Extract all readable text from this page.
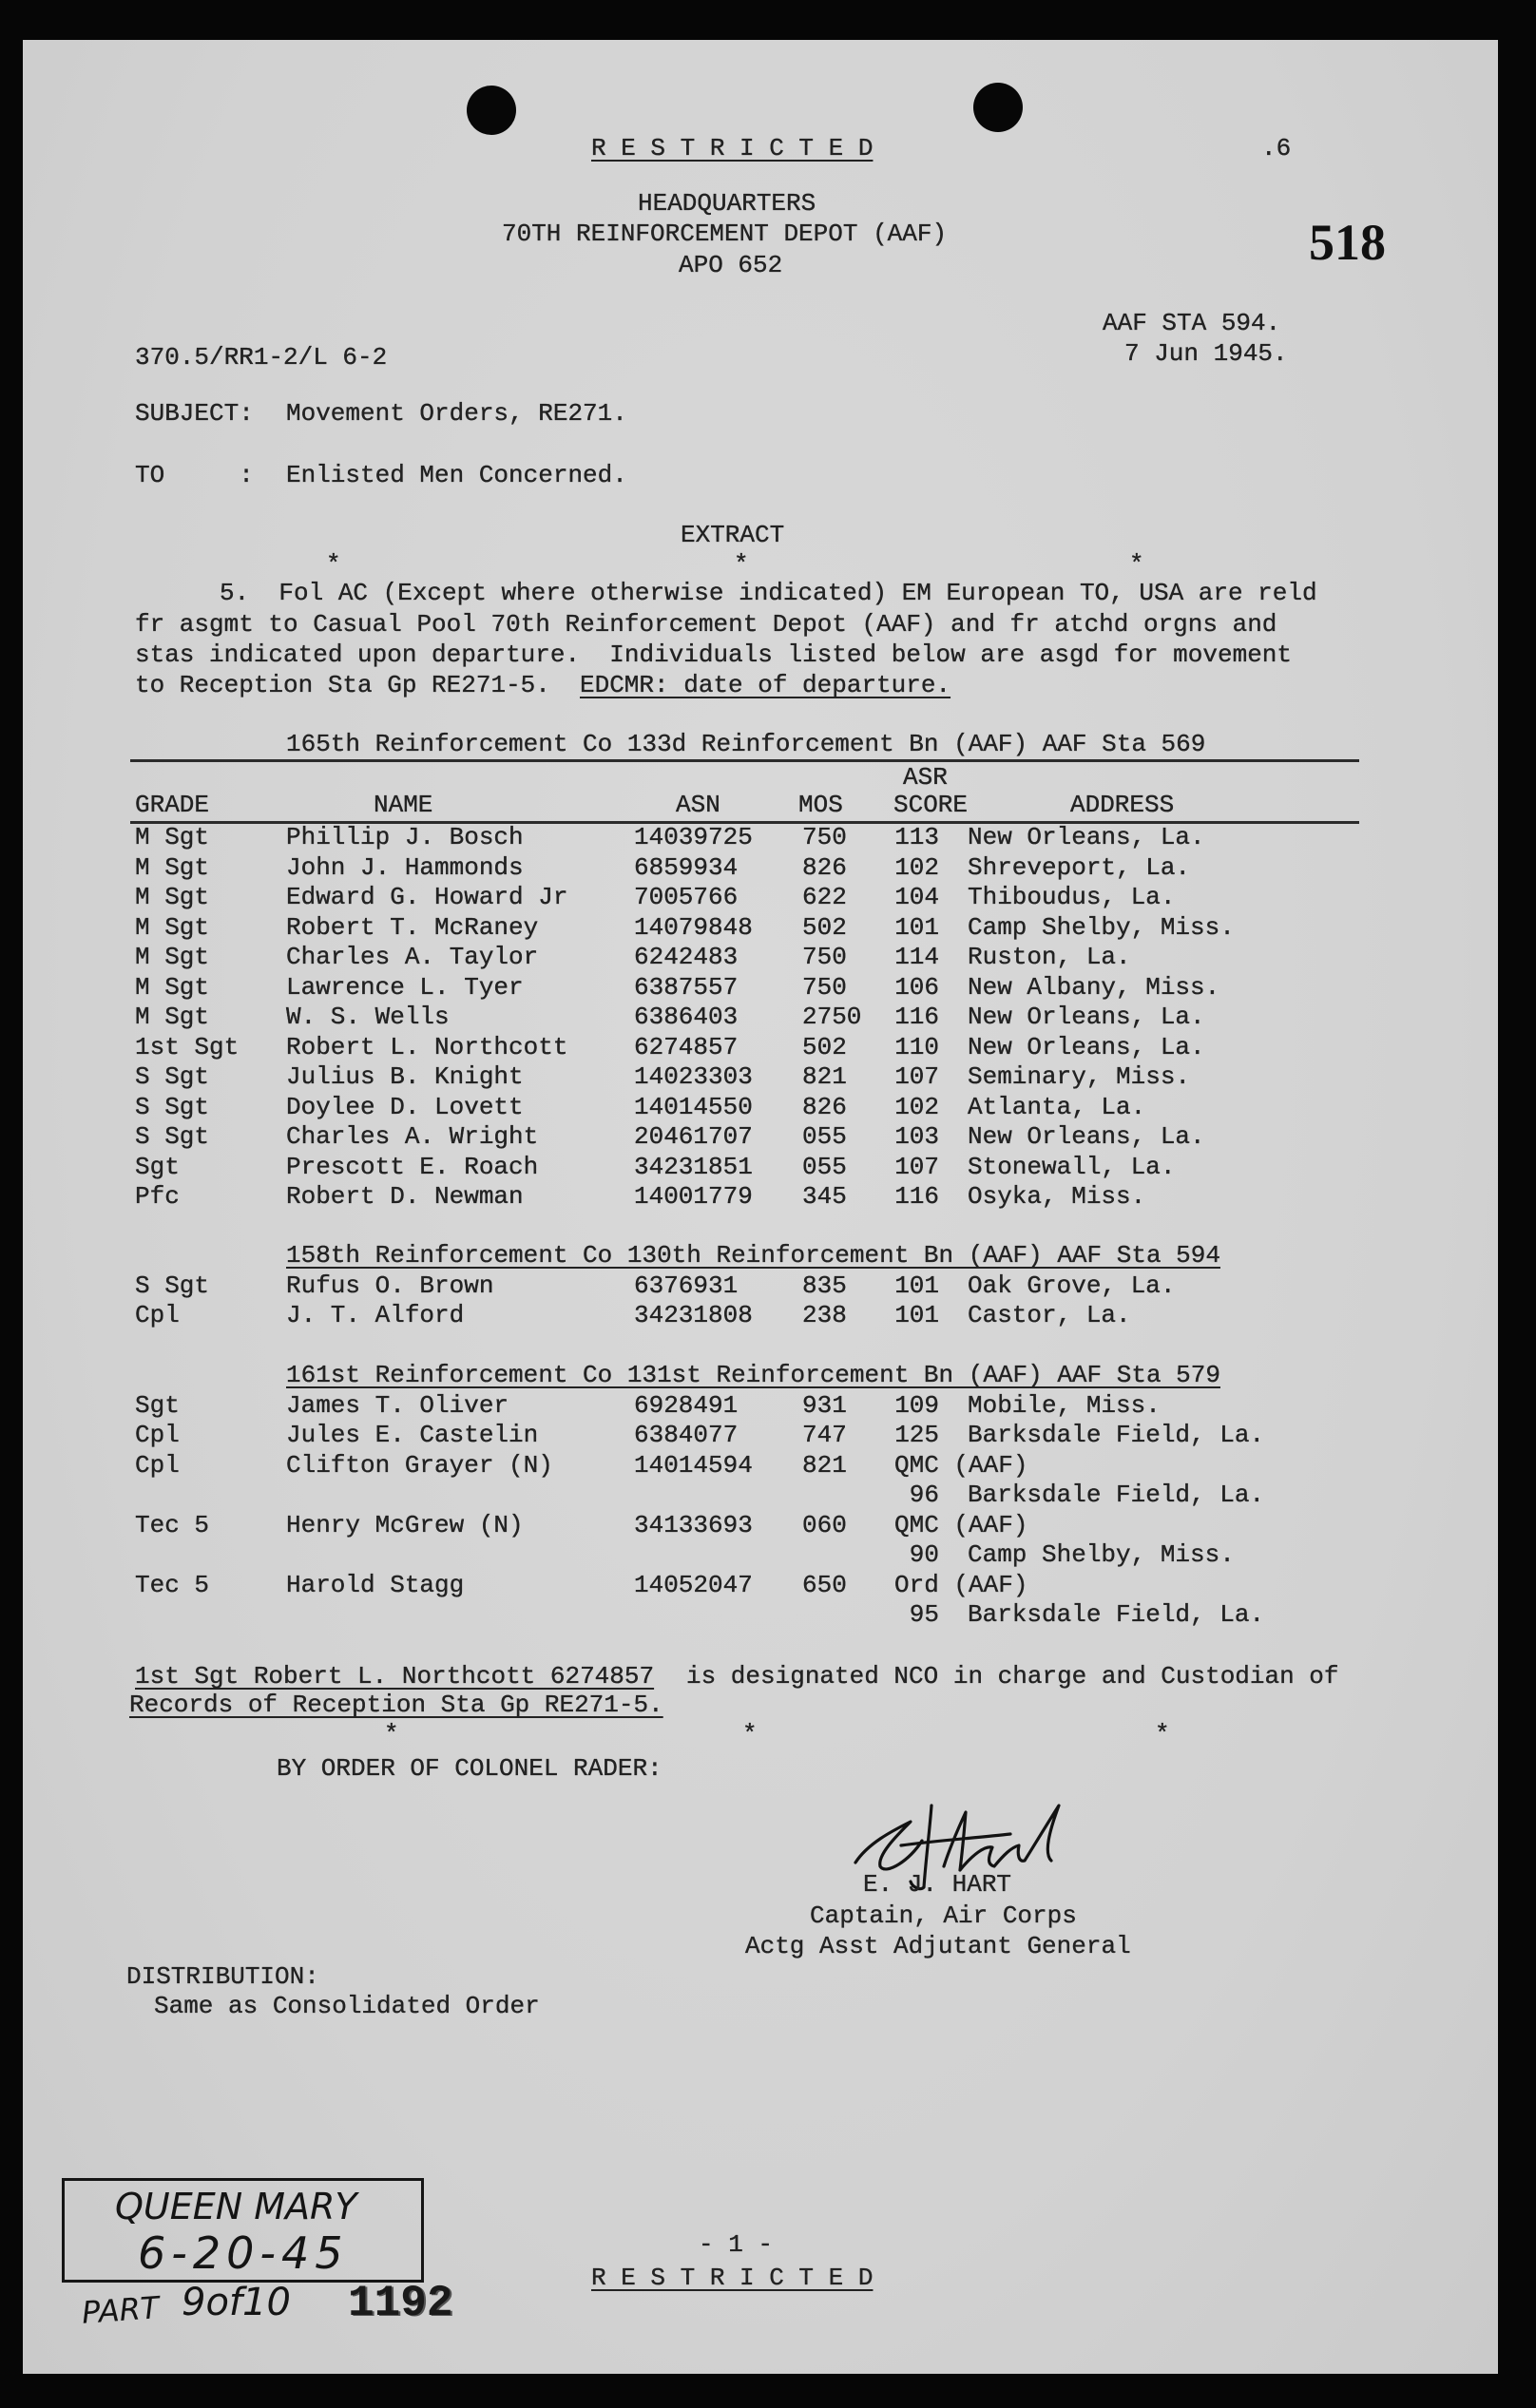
R E S T R I C T E D	.6
518
HEADQUARTERS
70TH REINFORCEMENT DEPOT (AAF)
APO 652
AAF STA 594.
7 Jun 1945.
370.5/RR1-2/L 6-2
SUBJECT: Movement Orders, RE271.
TO     : Enlisted Men Concerned.
EXTRACT
*	*	*
5.  Fol AC (Except where otherwise indicated) EM European TO, USA are reld
fr asgmt to Casual Pool 70th Reinforcement Depot (AAF) and fr atchd orgns and
stas indicated upon departure.  Individuals listed below are asgd for movement
to Reception Sta Gp RE271-5. EDCMR: date of departure.
165th Reinforcement Co 133d Reinforcement Bn (AAF) AAF Sta 569
ASR
GRADE	NAME	ASN	MOS SCORE	ADDRESS
M Sgt	Phillip J. Bosch	14039725 750 113 New Orleans, La.
M Sgt	John J. Hammonds	6859934	826 102 Shreveport, La.
M Sgt	Edward G. Howard Jr	7005766	622 104 Thiboudus, La.
M Sgt	Robert T. McRaney	14079848 502 101 Camp Shelby, Miss.
M Sgt	Charles A. Taylor	6242483	750 114 Ruston, La.
M Sgt	Lawrence L. Tyer	6387557	750 106 New Albany, Miss.
M Sgt	W. S. Wells	6386403	2750 116 New Orleans, La.
1st Sgt Robert L. Northcott	6274857	502 110 New Orleans, La.
S Sgt	Julius B. Knight	14023303 821 107 Seminary, Miss.
S Sgt	Doylee D. Lovett	14014550 826 102 Atlanta, La.
S Sgt	Charles A. Wright	20461707 055 103 New Orleans, La.
Sgt	Prescott E. Roach	34231851 055 107 Stonewall, La.
Pfc	Robert D. Newman	14001779 345 116 Osyka, Miss.
158th Reinforcement Co 130th Reinforcement Bn (AAF) AAF Sta 594
S Sgt	Rufus O. Brown	6376931	835 101 Oak Grove, La.
Cpl	J. T. Alford	34231808 238 101 Castor, La.
161st Reinforcement Co 131st Reinforcement Bn (AAF) AAF Sta 579
Sgt	James T. Oliver	6928491	931 109 Mobile, Miss.
Cpl	Jules E. Castelin	6384077	747 125 Barksdale Field, La.
Cpl	Clifton Grayer (N)	14014594 821 QMC (AAF)
96 Barksdale Field, La.
Tec 5	Henry McGrew (N)	34133693 060 QMC (AAF)
90 Camp Shelby, Miss.
Tec 5	Harold Stagg	14052047 650 Ord (AAF)
95 Barksdale Field, La.
1st Sgt Robert L. Northcott 6274857 is designated NCO in charge and Custodian of
Records of Reception Sta Gp RE271-5.
*	*	*
BY ORDER OF COLONEL RADER:
E. J. HART
Captain, Air Corps
Actg Asst Adjutant General
DISTRIBUTION:
Same as Consolidated Order
QUEEN MARY
6-20-45
PART 9of10 1192
- 1 -
R E S T R I C T E D
